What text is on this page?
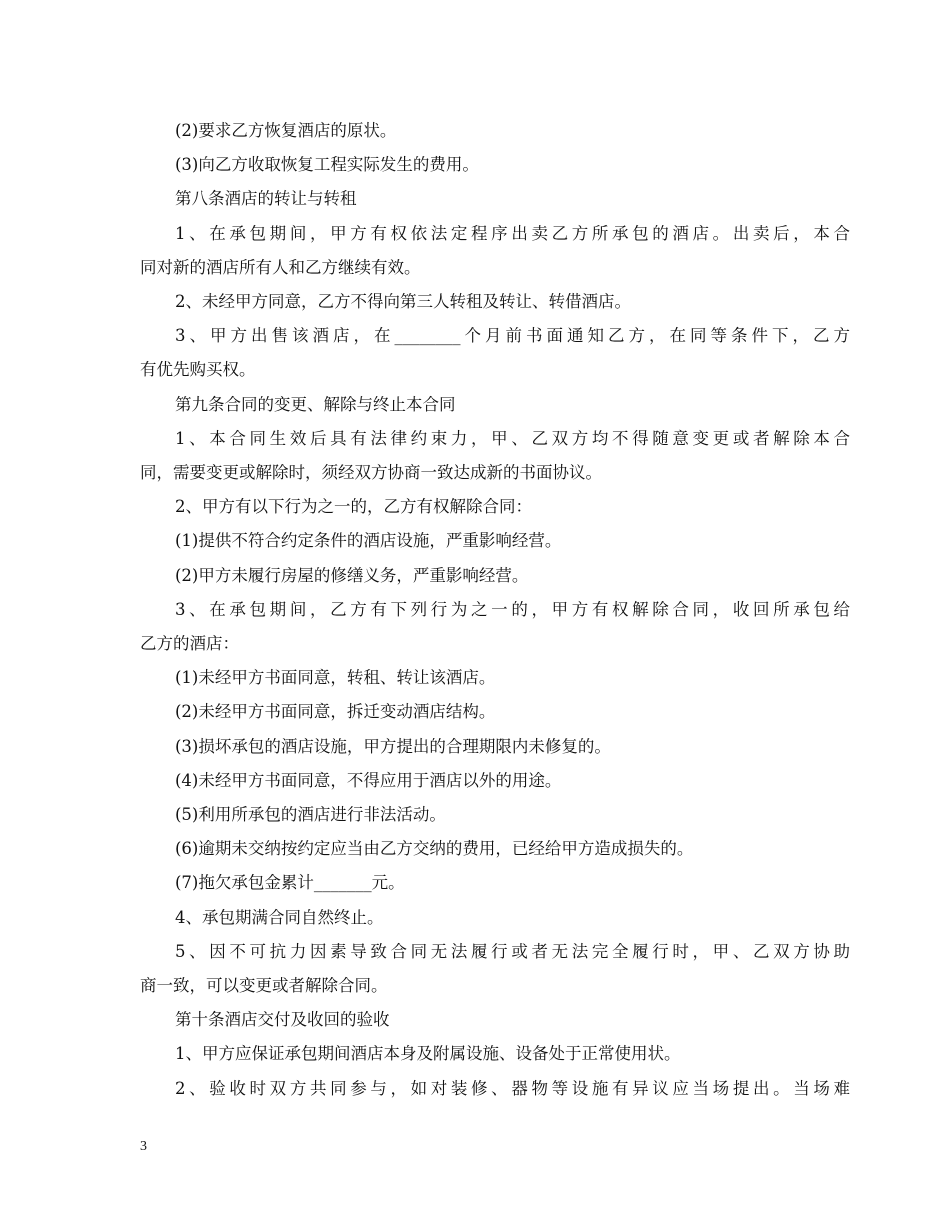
(2)要求乙方恢复酒店的原状。
(3)向乙方收取恢复工程实际发生的费用。
第八条酒店的转让与转租
1、在承包期间，甲方有权依法定程序出卖乙方所承包的酒店。出卖后，本合
同对新的酒店所有人和乙方继续有效。
2、未经甲方同意，乙方不得向第三人转租及转让、转借酒店。
3、甲方出售该酒店，在________个月前书面通知乙方，在同等条件下，乙方
有优先购买权。
第九条合同的变更、解除与终止本合同
1、本合同生效后具有法律约束力，甲、乙双方均不得随意变更或者解除本合
同，需要变更或解除时，须经双方协商一致达成新的书面协议。
2、甲方有以下行为之一的，乙方有权解除合同：
(1)提供不符合约定条件的酒店设施，严重影响经营。
(2)甲方未履行房屋的修缮义务，严重影响经营。
3、在承包期间，乙方有下列行为之一的，甲方有权解除合同，收回所承包给
乙方的酒店：
(1)未经甲方书面同意，转租、转让该酒店。
(2)未经甲方书面同意，拆迁变动酒店结构。
(3)损坏承包的酒店设施，甲方提出的合理期限内未修复的。
(4)未经甲方书面同意，不得应用于酒店以外的用途。
(5)利用所承包的酒店进行非法活动。
(6)逾期未交纳按约定应当由乙方交纳的费用，已经给甲方造成损失的。
(7)拖欠承包金累计_______元。
4、承包期满合同自然终止。
5、因不可抗力因素导致合同无法履行或者无法完全履行时，甲、乙双方协助
商一致，可以变更或者解除合同。
第十条酒店交付及收回的验收
1、甲方应保证承包期间酒店本身及附属设施、设备处于正常使用状。
2、验收时双方共同参与，如对装修、器物等设施有异议应当场提出。当场难
3
